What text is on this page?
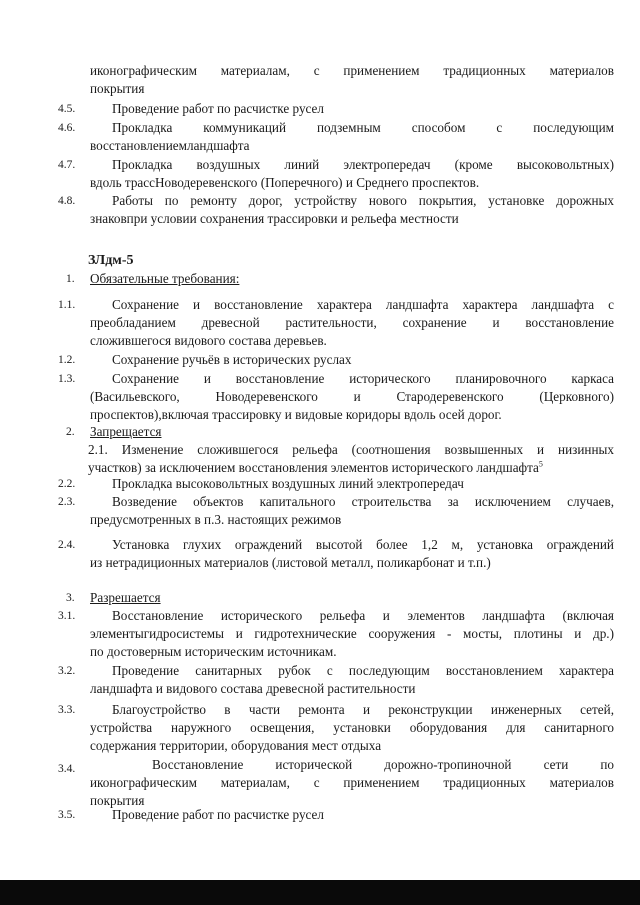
иконографическим материалам, с применением традиционных материалов
покрытия
4.5.	Проведение работ по расчистке русел
4.6.	Прокладка коммуникаций подземным способом с последующим
восстановлениемландшафта
4.7.	Прокладка воздушных линий электропередач (кроме высоковольтных)
вдоль трассНоводеревенского (Поперечного) и Среднего проспектов.
4.8.	Работы по ремонту дорог, устройству нового покрытия, установке дорожных
знаковпри условии сохранения трассировки и рельефа местности
ЗЛдм-5
1. Обязательные требования:
1.1.	Сохранение и восстановление характера ландшафта характера ландшафта с
преобладанием древесной растительности, сохранение и восстановление
сложившегося видового состава деревьев.
1.2.	Сохранение ручьёв в исторических руслах
1.3.	Сохранение и восстановление исторического планировочного каркаса
(Васильевского, Новодеревенского и Стародеревенского (Церковного)
проспектов),включая трассировку и видовые коридоры вдоль осей дорог.
2. Запрещается
2.1. Изменение сложившегося рельефа (соотношения возвышенных и низинных
участков) за исключением восстановления элементов исторического ландшафта$^5$
2.2.	Прокладка высоковольтных воздушных линий электропередач
2.3.	Возведение объектов капитального строительства за исключением случаев,
предусмотренных в п.3. настоящих режимов
2.4.	Установка глухих ограждений высотой более 1,2 м, установка ограждений
из нетрадиционных материалов (листовой металл, поликарбонат и т.п.)
3. Разрешается
3.1.	Восстановление исторического рельефа и элементов ландшафта (включая
элементыгидросистемы и гидротехнические сооружения - мосты, плотины и др.)
по достоверным историческим источникам.
3.2.	Проведение санитарных рубок с последующим восстановлением характера
ландшафта и видового состава древесной растительности
3.3.	Благоустройство в части ремонта и реконструкции инженерных сетей,
устройства наружного освещения, установки оборудования для санитарного
содержания территории, оборудования мест отдыха
3.4.	Восстановление исторической дорожно-тропиночной сети по
иконографическим материалам, с применением традиционных материалов
покрытия
3.5.	Проведение работ по расчистке русел
